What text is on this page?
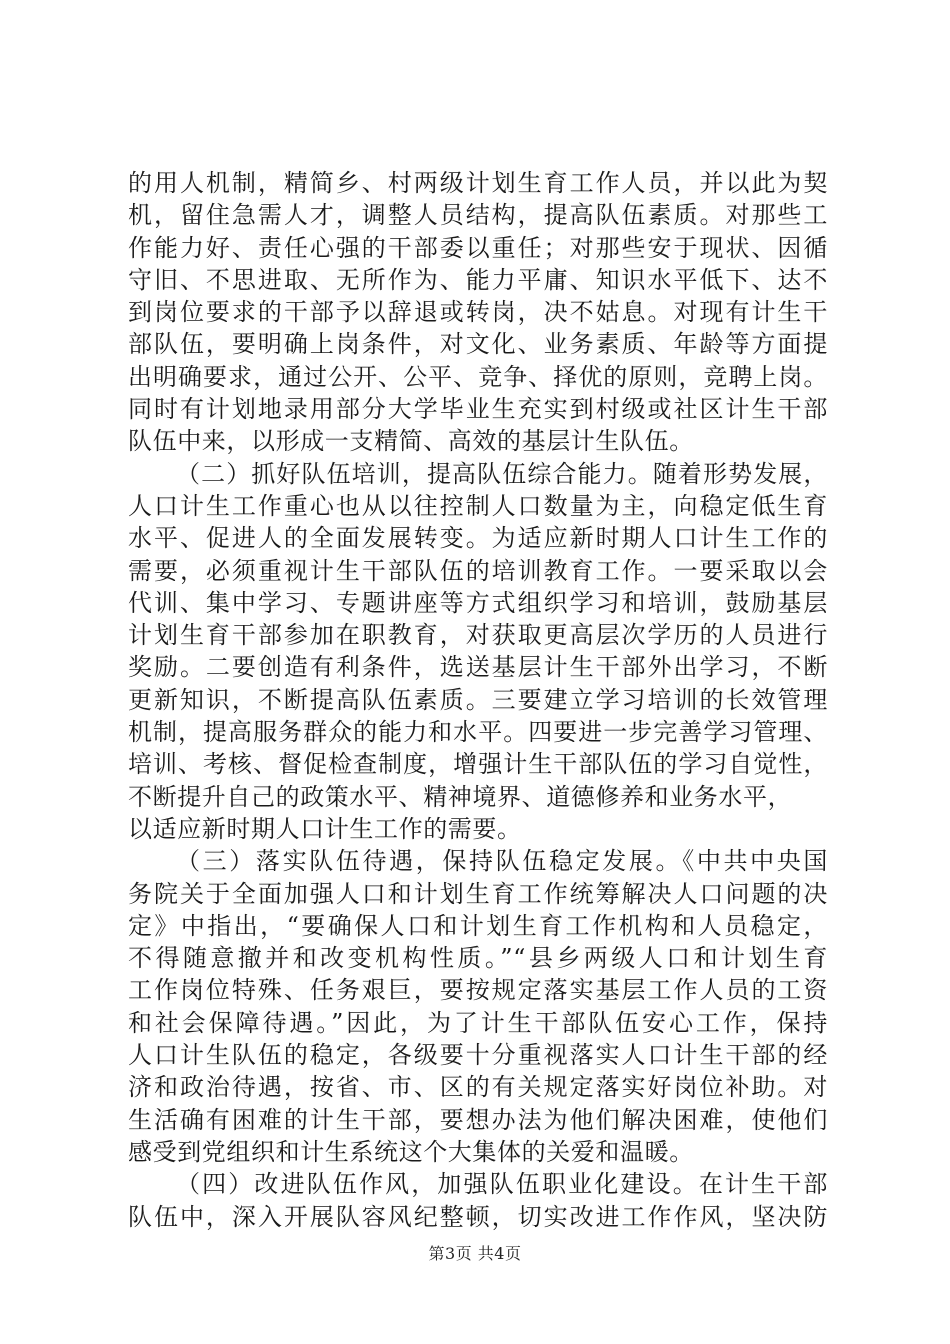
的用人机制，精简乡、村两级计划生育工作人员，并以此为契
机，留住急需人才，调整人员结构，提高队伍素质。对那些工
作能力好、责任心强的干部委以重任；对那些安于现状、因循
守旧、不思进取、无所作为、能力平庸、知识水平低下、达不
到岗位要求的干部予以辞退或转岗，决不姑息。对现有计生干
部队伍，要明确上岗条件，对文化、业务素质、年龄等方面提
出明确要求，通过公开、公平、竞争、择优的原则，竞聘上岗。
同时有计划地录用部分大学毕业生充实到村级或社区计生干部
队伍中来，以形成一支精简、高效的基层计生队伍。
（二）抓好队伍培训，提高队伍综合能力。随着形势发展，
人口计生工作重心也从以往控制人口数量为主，向稳定低生育
水平、促进人的全面发展转变。为适应新时期人口计生工作的
需要，必须重视计生干部队伍的培训教育工作。一要采取以会
代训、集中学习、专题讲座等方式组织学习和培训，鼓励基层
计划生育干部参加在职教育，对获取更高层次学历的人员进行
奖励。二要创造有利条件，选送基层计生干部外出学习，不断
更新知识，不断提高队伍素质。三要建立学习培训的长效管理
机制，提高服务群众的能力和水平。四要进一步完善学习管理、
培训、考核、督促检查制度，增强计生干部队伍的学习自觉性，
不断提升自己的政策水平、精神境界、道德修养和业务水平，
以适应新时期人口计生工作的需要。
（三）落实队伍待遇，保持队伍稳定发展。《中共中央国
务院关于全面加强人口和计划生育工作统筹解决人口问题的决
定》中指出，“要确保人口和计划生育工作机构和人员稳定，
不得随意撤并和改变机构性质。”“县乡两级人口和计划生育
工作岗位特殊、任务艰巨，要按规定落实基层工作人员的工资
和社会保障待遇。”因此，为了计生干部队伍安心工作，保持
人口计生队伍的稳定，各级要十分重视落实人口计生干部的经
济和政治待遇，按省、市、区的有关规定落实好岗位补助。对
生活确有困难的计生干部，要想办法为他们解决困难，使他们
感受到党组织和计生系统这个大集体的关爱和温暖。
（四）改进队伍作风，加强队伍职业化建设。在计生干部
队伍中，深入开展队容风纪整顿，切实改进工作作风，坚决防
第3页 共4页
